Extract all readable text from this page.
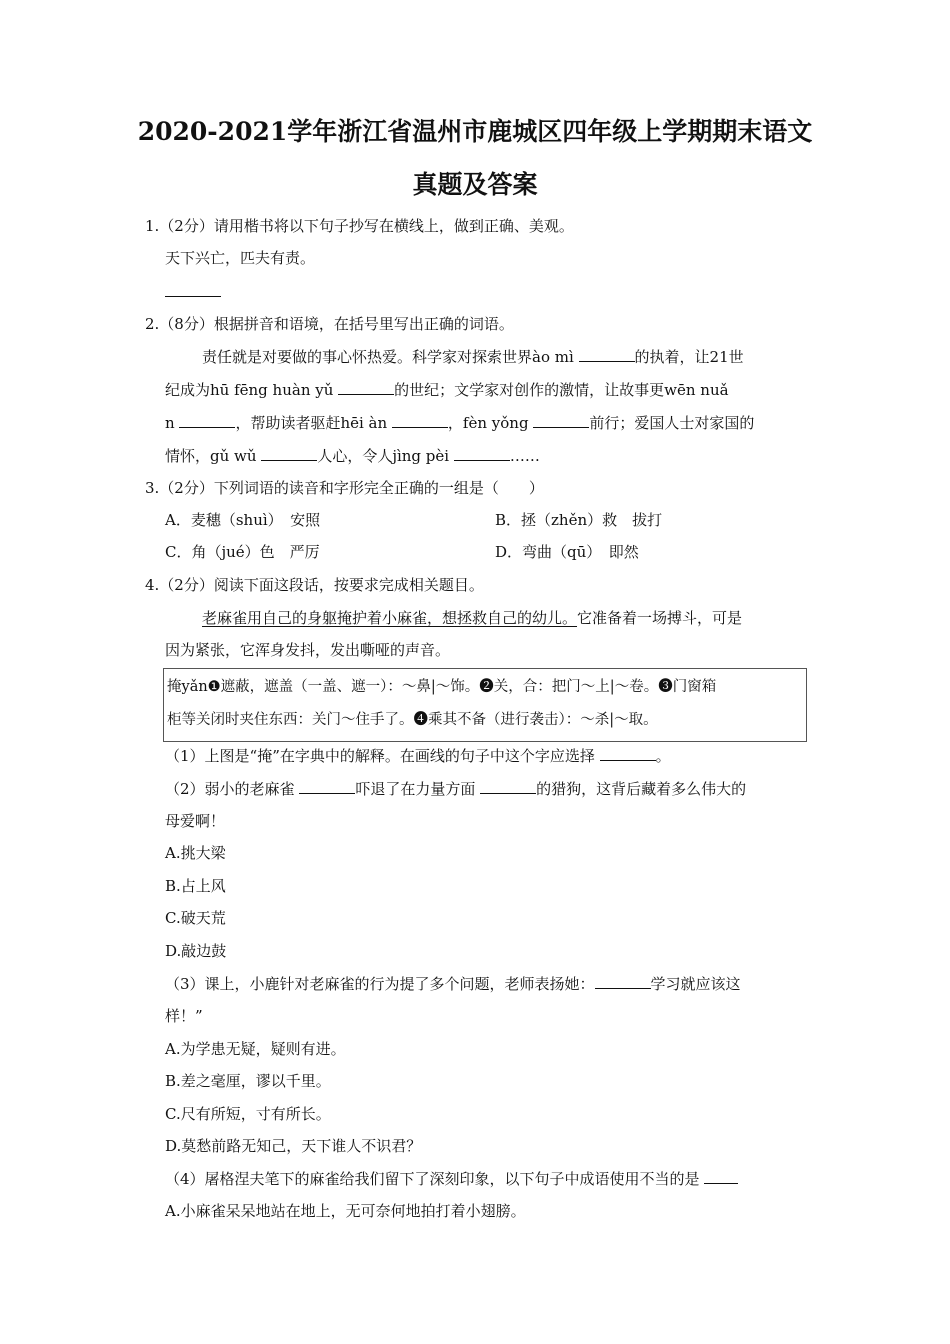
2020-2021学年浙江省温州市鹿城区四年级上学期期末语文
真题及答案
1.（2分）请用楷书将以下句子抄写在横线上，做到正确、美观。
天下兴亡，匹夫有责。
2.（8分）根据拼音和语境，在括号里写出正确的词语。
责任就是对要做的事心怀热爱。科学家对探索世界ào mì	的执着，让21世
纪成为hū fēng huàn yǔ	的世纪；文学家对创作的激情，让故事更wēn nuǎ
n	，帮助读者驱赶hēi àn	，fèn yǒng	前行；爱国人士对家国的
情怀，gǔ wǔ	人心，令人jìng pèi	……
3.（2分）下列词语的读音和字形完全正确的一组是（　　）
A．麦穗（shuì）　安照	B．拯（zhěn）救　拔打
C．角（jué）色　严厉	D．弯曲（qū）　即然
4.（2分）阅读下面这段话，按要求完成相关题目。
老麻雀用自己的身躯掩护着小麻雀，想拯救自己的幼儿。它准备着一场搏斗，可是
因为紧张，它浑身发抖，发出嘶哑的声音。
掩yǎn❶遮蔽，遮盖（一盖、遮一）：～鼻|～饰。❷关，合：把门～上|～卷。❸门窗箱
柜等关闭时夹住东西：关门～住手了。❹乘其不备（进行袭击）：～杀|～取。
（1）上图是“掩”在字典中的解释。在画线的句子中这个字应选择	。
（2）弱小的老麻雀	吓退了在力量方面	的猎狗，这背后藏着多么伟大的
母爱啊！
A.挑大梁
B.占上风
C.破天荒
D.敲边鼓
（3）课上，小鹿针对老麻雀的行为提了多个问题，老师表扬她：	学习就应该这
样！”
A.为学患无疑，疑则有进。
B.差之毫厘，谬以千里。
C.尺有所短，寸有所长。
D.莫愁前路无知己，天下谁人不识君？
（4）屠格涅夫笔下的麻雀给我们留下了深刻印象，以下句子中成语使用不当的是
A.小麻雀呆呆地站在地上，无可奈何地拍打着小翅膀。
